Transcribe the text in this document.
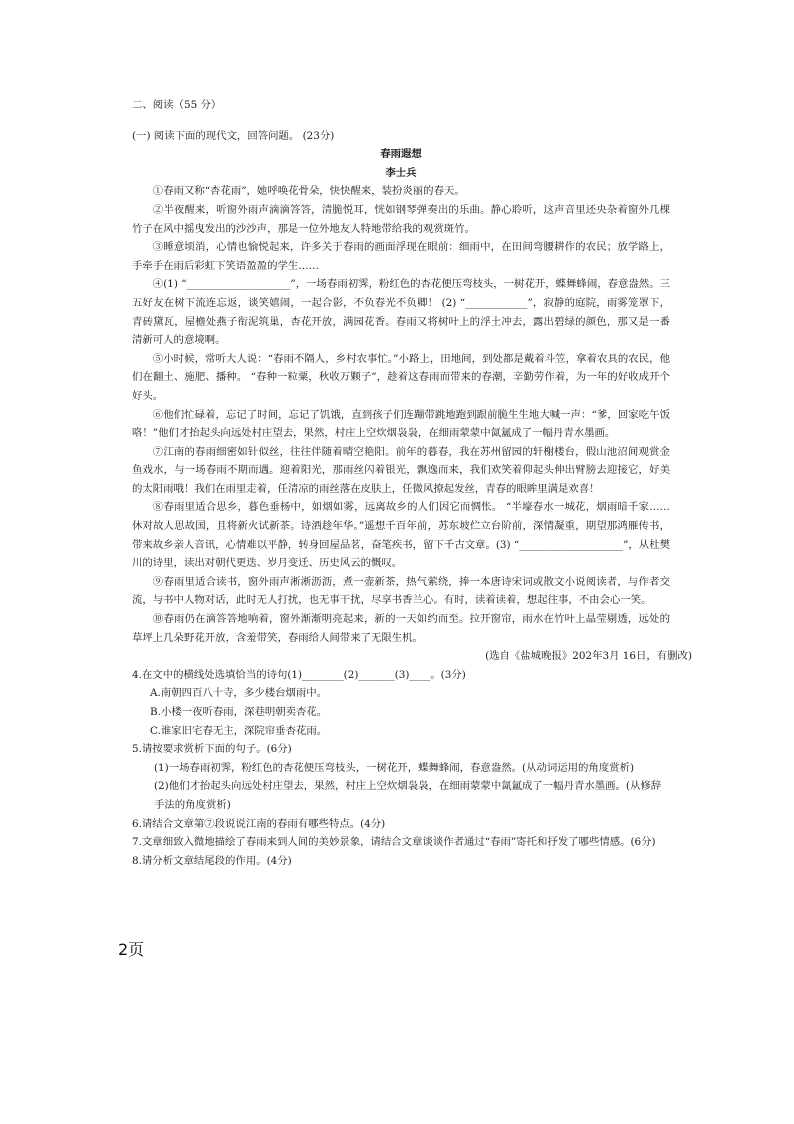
二、阅读（55 分）
(一) 阅读下面的现代文，回答问题。 (23分)
春雨遐想
李士兵

①春雨又称“杏花雨”，她呼唤花骨朵，快快醒来，装扮炎丽的春天。

②半夜醒来，听窗外雨声滴滴答答，清脆悦耳，恍如钢琴弹奏出的乐曲。静心聆听，这声音里还央杂着窗外几棵竹子在风中摇曳发出的沙沙声，那是一位外地友人特地带给我的观赏斑竹。

③睡意顷消，心情也愉悦起来，许多关于春雨的画面浮现在眼前：细雨中，在田间弯腰耕作的农民；放学路上，手牵手在雨后彩虹下笑语盈盈的学生……

④(1) “____________________”，一场春雨初霁，粉红色的杏花便压弯枝头，一树花开，蝶舞蜂闹，春意盎然。三五好友在树下流连忘返，谈笑嬉闹，一起合影，不负春光不负卿！ (2) “____________”，寂静的庭院，雨雾笼罩下，青砖黛瓦，屋檐处燕子衔泥筑巢，杏花开放，满园花香。春雨又将树叶上的浮土冲去，露出碧绿的颜色，那又是一番清新可人的意境啊。

⑤小时候，常听大人说：“春雨不隔人，乡村农事忙。”小路上，田地间，到处都是戴着斗笠，拿着农具的农民，他们在翻土、施肥、播种。 “春种一粒粟，秋收万颗子”，趁着这春雨而带来的春潮，辛勤劳作着，为一年的好收成开个好头。

⑥他们忙碌着，忘记了时间，忘记了饥饿，直到孩子们连蹦带跳地跑到跟前脆生生地大喊一声：“爹，回家吃午饭咯！”他们才抬起头向远处村庄望去，果然，村庄上空炊烟袅袅，在细雨蒙蒙中氤氲成了一幅丹青水墨画。

⑦江南的春雨细密如针似丝，往往伴随着晴空艳阳。前年的暮春，我在苏州留园的轩榭楼台，假山池沼间观赏金鱼戏水，与一场春雨不期而遇。迎着阳光，那雨丝闪着银光，飘逸而来，我们欢笑着仰起头伸出臂膀去迎接它，好美的太阳雨哦！我们在雨里走着，任清凉的雨丝落在皮肤上，任微风撩起发丝，青春的眼眸里满是欢喜！

⑧春雨里适合思乡，暮色垂杨中，如烟如雾，远离故乡的人们因它而惆怅。 “半壕春水一城花，烟雨暗千家……休对故人思故国，且将新火试新茶。诗酒趁年华。”遥想千百年前，苏东坡伫立台阶前，深情凝重，期望那鸿雁传书，带来故乡亲人音讯，心情难以平静，转身回屋品茗，奋笔疾书，留下千古文章。(3) “____________________”，从杜樊川的诗里，读出对朝代更迭、岁月变迁、历史风云的慨叹。

⑨春雨里适合读书，窗外雨声淅淅沥沥，煮一壶新茶，热气萦绕，捧一本唐诗宋词或散文小说阅读者，与作者交流，与书中人物对话，此时无人打扰，也无事干扰，尽享书香兰心。有时，读着读着，想起往事，不由会心一笑。

⑩春雨仍在滴答答地响着，窗外渐渐明亮起来，新的一天如约而至。拉开窗帘，雨水在竹叶上晶莹剔透，远处的草坪上几朵野花开放，含羞带笑，春雨给人间带来了无限生机。

(选自《盐城晚报》202年3月 16日，有删改)
4.在文中的横线处选填恰当的诗句(1)________(2)_______(3)____。(3分)
A.南朝四百八十寺，多少楼台烟雨中。
B.小楼一夜听春雨，深巷明朝卖杏花。
C.谁家旧宅春无主，深院帘垂杏花雨。
5.请按要求赏析下面的句子。(6分)
(1)一场春雨初霁，粉红色的杏花便压弯枝头，一树花开，蝶舞蜂闹，春意盎然。(从动词运用的角度赏析)
(2)他们才抬起头向远处村庄望去，果然，村庄上空炊烟袅袅，在细雨蒙蒙中氤氲成了一幅丹青水墨画。(从修辞手法的角度赏析)
6.请结合文章第⑦段说说江南的春雨有哪些特点。(4分)
7.文章细致入微地描绘了春雨来到人间的美妙景象，请结合文章谈谈作者通过“春雨”寄托和抒发了哪些情感。(6分)
8.请分析文章结尾段的作用。(4分)
2页
